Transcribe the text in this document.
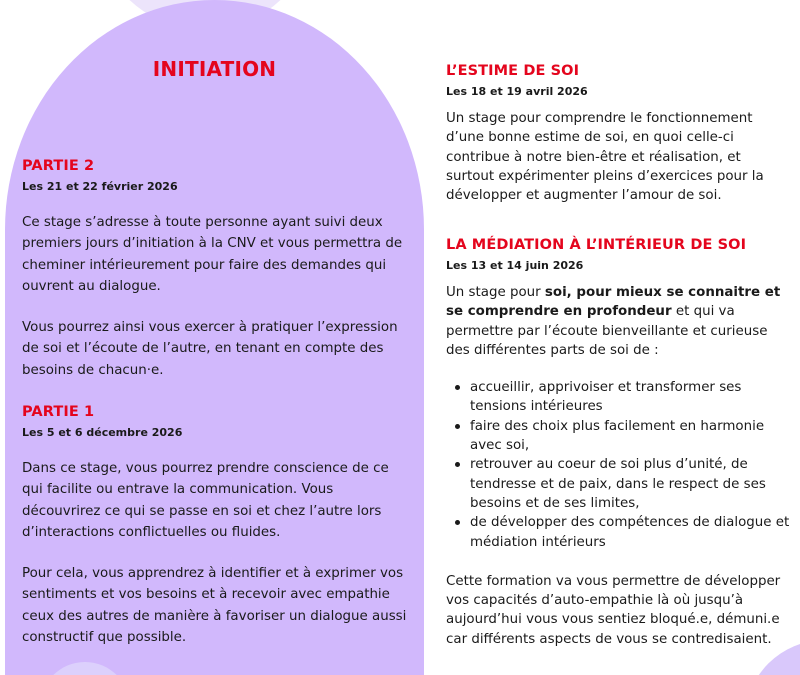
INITIATION
PARTIE 2
Les 21 et 22 février 2026

Ce stage s’adresse à toute personne ayant suivi deux premiers jours d’initiation à la CNV et vous permettra de cheminer intérieurement pour faire des demandes qui ouvrent au dialogue.

Vous pourrez ainsi vous exercer à pratiquer l’expression de soi et l’écoute de l’autre, en tenant en compte des besoins de chacun·e.

PARTIE 1
Les 5 et 6 décembre 2026

Dans ce stage, vous pourrez prendre conscience de ce qui facilite ou entrave la communication. Vous découvrirez ce qui se passe en soi et chez l’autre lors d’interactions conflictuelles ou fluides.

Pour cela, vous apprendrez à identifier et à exprimer vos sentiments et vos besoins et à recevoir avec empathie ceux des autres de manière à favoriser un dialogue aussi constructif que possible.

L’ESTIME DE SOI
Les 18 et 19 avril 2026

Un stage pour comprendre le fonctionnement d’une bonne estime de soi, en quoi celle-ci contribue à notre bien-être et réalisation, et surtout expérimenter pleins d’exercices pour la développer et augmenter l’amour de soi.

LA MÉDIATION À L’INTÉRIEUR DE SOI
Les 13 et 14 juin 2026

Un stage pour soi, pour mieux se connaitre et se comprendre en profondeur et qui va permettre par l’écoute bienveillante et curieuse des différentes parts de soi de :

accueillir, apprivoiser et transformer ses tensions intérieures
faire des choix plus facilement en harmonie avec soi,
retrouver au coeur de soi plus d’unité, de tendresse et de paix, dans le respect de ses besoins et de ses limites,
de développer des compétences de dialogue et médiation intérieurs

Cette formation va vous permettre de développer vos capacités d’auto-empathie là où jusqu’à aujourd’hui vous vous sentiez bloqué.e, démuni.e car différents aspects de vous se contredisaient.
